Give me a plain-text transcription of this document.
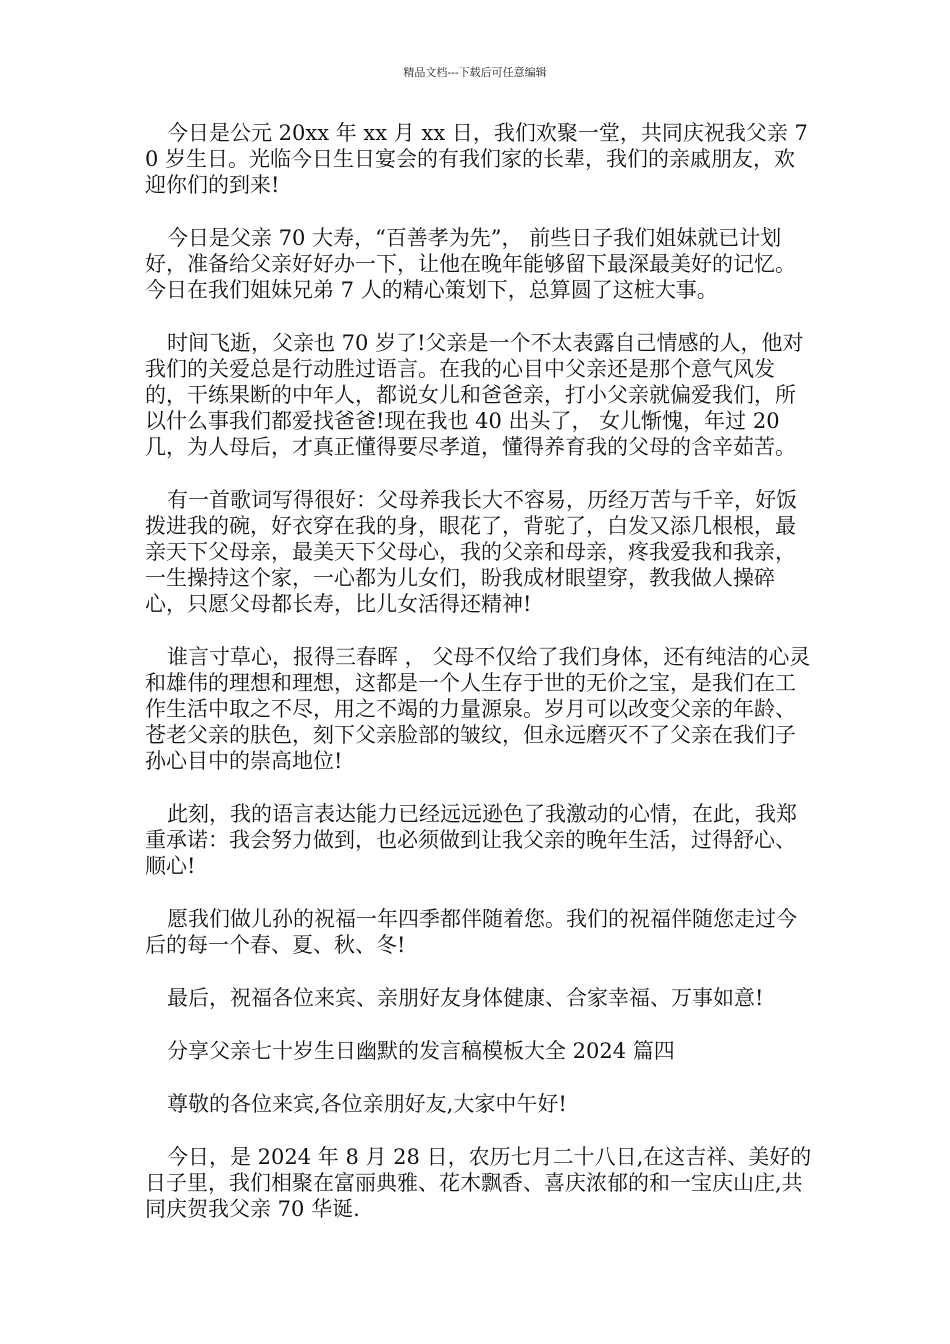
精品文档---下载后可任意编辑

今日是公元 20xx 年 xx 月 xx 日，我们欢聚一堂，共同庆祝我父亲 70 岁生日。光临今日生日宴会的有我们家的长辈，我们的亲戚朋友，欢迎你们的到来!

今日是父亲 70 大寿，“百善孝为先”， 前些日子我们姐妹就已计划好，准备给父亲好好办一下，让他在晚年能够留下最深最美好的记忆。今日在我们姐妹兄弟 7 人的精心策划下，总算圆了这桩大事。

时间飞逝，父亲也 70 岁了!父亲是一个不太表露自己情感的人，他对我们的关爱总是行动胜过语言。在我的心目中父亲还是那个意气风发的，干练果断的中年人，都说女儿和爸爸亲，打小父亲就偏爱我们，所以什么事我们都爱找爸爸!现在我也 40 出头了， 女儿惭愧，年过 20 几，为人母后，才真正懂得要尽孝道，懂得养育我的父母的含辛茹苦。

有一首歌词写得很好：父母养我长大不容易，历经万苦与千辛，好饭拨进我的碗，好衣穿在我的身，眼花了，背驼了，白发又添几根根，最亲天下父母亲，最美天下父母心，我的父亲和母亲，疼我爱我和我亲，一生操持这个家，一心都为儿女们，盼我成材眼望穿，教我做人操碎心，只愿父母都长寿，比儿女活得还精神!

谁言寸草心，报得三春晖 ， 父母不仅给了我们身体，还有纯洁的心灵和雄伟的理想和理想，这都是一个人生存于世的无价之宝，是我们在工作生活中取之不尽，用之不竭的力量源泉。岁月可以改变父亲的年龄、苍老父亲的肤色，刻下父亲脸部的皱纹，但永远磨灭不了父亲在我们子孙心目中的崇高地位!

此刻，我的语言表达能力已经远远逊色了我激动的心情，在此，我郑重承诺：我会努力做到，也必须做到让我父亲的晚年生活，过得舒心、顺心!

愿我们做儿孙的祝福一年四季都伴随着您。我们的祝福伴随您走过今后的每一个春、夏、秋、冬!

最后，祝福各位来宾、亲朋好友身体健康、合家幸福、万事如意!

分享父亲七十岁生日幽默的发言稿模板大全 2024 篇四

尊敬的各位来宾,各位亲朋好友,大家中午好!

今日，是 2024 年 8 月 28 日，农历七月二十八日,在这吉祥、美好的日子里，我们相聚在富丽典雅、花木飘香、喜庆浓郁的和一宝庆山庄,共同庆贺我父亲 70 华诞.
